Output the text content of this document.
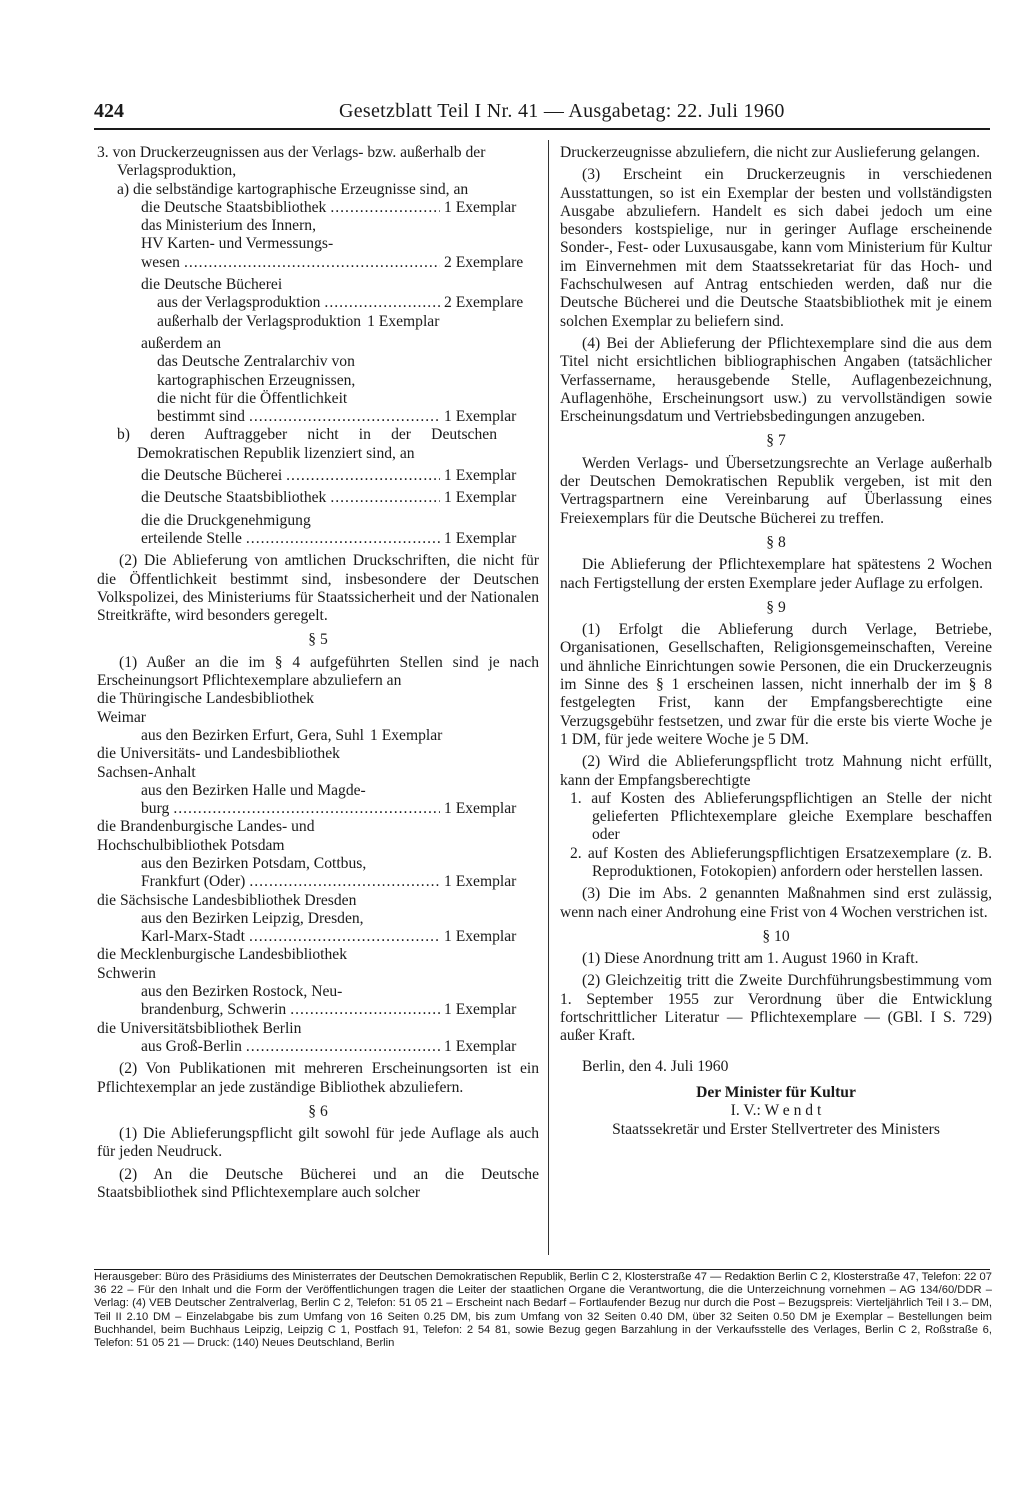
424	Gesetzblatt Teil I Nr. 41 — Ausgabetag: 22. Juli 1960

3. von Druckerzeugnissen aus der Verlags- bzw. außerhalb der Verlagsproduktion,

a) die selbständige kartographische Erzeugnisse sind, an

die Deutsche Staatsbibliothek .....	1 Exemplar

das Ministerium des Innern,

HV Karten- und Vermessungs-

wesen .....	2 Exemplare

die Deutsche Bücherei

aus der Verlagsproduktion .....	2 Exemplare
außerhalb der Verlagsproduktion 1 Exemplar

außerdem an

das Deutsche Zentralarchiv von

kartographischen Erzeugnissen,

die nicht für die Öffentlichkeit

bestimmt sind .....	1 Exemplar

b) deren Auftraggeber nicht in der Deutschen Demokratischen Republik lizenziert sind, an

die Deutsche Bücherei .....	1 Exemplar
die Deutsche Staatsbibliothek .....	1 Exemplar

die die Druckgenehmigung

erteilende Stelle .....	1 Exemplar

(2) Die Ablieferung von amtlichen Druckschriften, die nicht für die Öffentlichkeit bestimmt sind, insbesondere der Deutschen Volkspolizei, des Ministeriums für Staatssicherheit und der Nationalen Streitkräfte, wird besonders geregelt.

§ 5

(1) Außer an die im § 4 aufgeführten Stellen sind je nach Erscheinungsort Pflichtexemplare abzuliefern an

die Thüringische Landesbibliothek

Weimar

aus den Bezirken Erfurt, Gera, Suhl 1 Exemplar

die Universitäts- und Landesbibliothek

Sachsen-Anhalt

aus den Bezirken Halle und Magde-

burg .....	1 Exemplar

die Brandenburgische Landes- und

Hochschulbibliothek Potsdam

aus den Bezirken Potsdam, Cottbus,

Frankfurt (Oder) .....	1 Exemplar

die Sächsische Landesbibliothek Dresden

aus den Bezirken Leipzig, Dresden,

Karl-Marx-Stadt .....	1 Exemplar

die Mecklenburgische Landesbibliothek

Schwerin

aus den Bezirken Rostock, Neu-

brandenburg, Schwerin .....	1 Exemplar

die Universitätsbibliothek Berlin

aus Groß-Berlin .....	1 Exemplar

(2) Von Publikationen mit mehreren Erscheinungsorten ist ein Pflichtexemplar an jede zuständige Bibliothek abzuliefern.

§ 6

(1) Die Ablieferungspflicht gilt sowohl für jede Auflage als auch für jeden Neudruck.

(2) An die Deutsche Bücherei und an die Deutsche Staatsbibliothek sind Pflichtexemplare auch solcher

Druckerzeugnisse abzuliefern, die nicht zur Auslieferung gelangen.

(3) Erscheint ein Druckerzeugnis in verschiedenen Ausstattungen, so ist ein Exemplar der besten und vollständigsten Ausgabe abzuliefern. Handelt es sich dabei jedoch um eine besonders kostspielige, nur in geringer Auflage erscheinende Sonder-, Fest- oder Luxusausgabe, kann vom Ministerium für Kultur im Einvernehmen mit dem Staatssekretariat für das Hoch- und Fachschulwesen auf Antrag entschieden werden, daß nur die Deutsche Bücherei und die Deutsche Staatsbibliothek mit je einem solchen Exemplar zu beliefern sind.

(4) Bei der Ablieferung der Pflichtexemplare sind die aus dem Titel nicht ersichtlichen bibliographischen Angaben (tatsächlicher Verfassername, herausgebende Stelle, Auflagenbezeichnung, Auflagenhöhe, Erscheinungsort usw.) zu vervollständigen sowie Erscheinungsdatum und Vertriebsbedingungen anzugeben.

§ 7

Werden Verlags- und Übersetzungsrechte an Verlage außerhalb der Deutschen Demokratischen Republik vergeben, ist mit den Vertragspartnern eine Vereinbarung auf Überlassung eines Freiexemplars für die Deutsche Bücherei zu treffen.

§ 8

Die Ablieferung der Pflichtexemplare hat spätestens 2 Wochen nach Fertigstellung der ersten Exemplare jeder Auflage zu erfolgen.

§ 9

(1) Erfolgt die Ablieferung durch Verlage, Betriebe, Organisationen, Gesellschaften, Religionsgemeinschaften, Vereine und ähnliche Einrichtungen sowie Personen, die ein Druckerzeugnis im Sinne des § 1 erscheinen lassen, nicht innerhalb der im § 8 festgelegten Frist, kann der Empfangsberechtigte eine Verzugsgebühr festsetzen, und zwar für die erste bis vierte Woche je 1 DM, für jede weitere Woche je 5 DM.

(2) Wird die Ablieferungspflicht trotz Mahnung nicht erfüllt, kann der Empfangsberechtigte

1. auf Kosten des Ablieferungspflichtigen an Stelle der nicht gelieferten Pflichtexemplare gleiche Exemplare beschaffen oder

2. auf Kosten des Ablieferungspflichtigen Ersatzexemplare (z. B. Reproduktionen, Fotokopien) anfordern oder herstellen lassen.

(3) Die im Abs. 2 genannten Maßnahmen sind erst zulässig, wenn nach einer Androhung eine Frist von 4 Wochen verstrichen ist.

§ 10

(1) Diese Anordnung tritt am 1. August 1960 in Kraft.

(2) Gleichzeitig tritt die Zweite Durchführungsbestimmung vom 1. September 1955 zur Verordnung über die Entwicklung fortschrittlicher Literatur — Pflichtexemplare — (GBl. I S. 729) außer Kraft.

Berlin, den 4. Juli 1960

Der Minister für Kultur

I. V.: W e n d t

Staatssekretär und Erster Stellvertreter des Ministers

Herausgeber: Büro des Präsidiums des Ministerrates der Deutschen Demokratischen Republik, Berlin C 2, Klosterstraße 47 — Redaktion Berlin C 2, Klosterstraße 47, Telefon: 22 07 36 22 – Für den Inhalt und die Form der Veröffentlichungen tragen die Leiter der staatlichen Organe die Verantwortung, die die Unterzeichnung vornehmen – AG 134/60/DDR – Verlag: (4) VEB Deutscher Zentralverlag, Berlin C 2, Telefon: 51 05 21 – Erscheint nach Bedarf – Fortlaufender Bezug nur durch die Post – Bezugspreis: Vierteljährlich Teil I 3.– DM, Teil II 2.10 DM – Einzelabgabe bis zum Umfang von 16 Seiten 0.25 DM, bis zum Umfang von 32 Seiten 0.40 DM, über 32 Seiten 0.50 DM je Exemplar – Bestellungen beim Buchhandel, beim Buchhaus Leipzig, Leipzig C 1, Postfach 91, Telefon: 2 54 81, sowie Bezug gegen Barzahlung in der Verkaufsstelle des Verlages, Berlin C 2, Roßstraße 6, Telefon: 51 05 21 — Druck: (140) Neues Deutschland, Berlin
